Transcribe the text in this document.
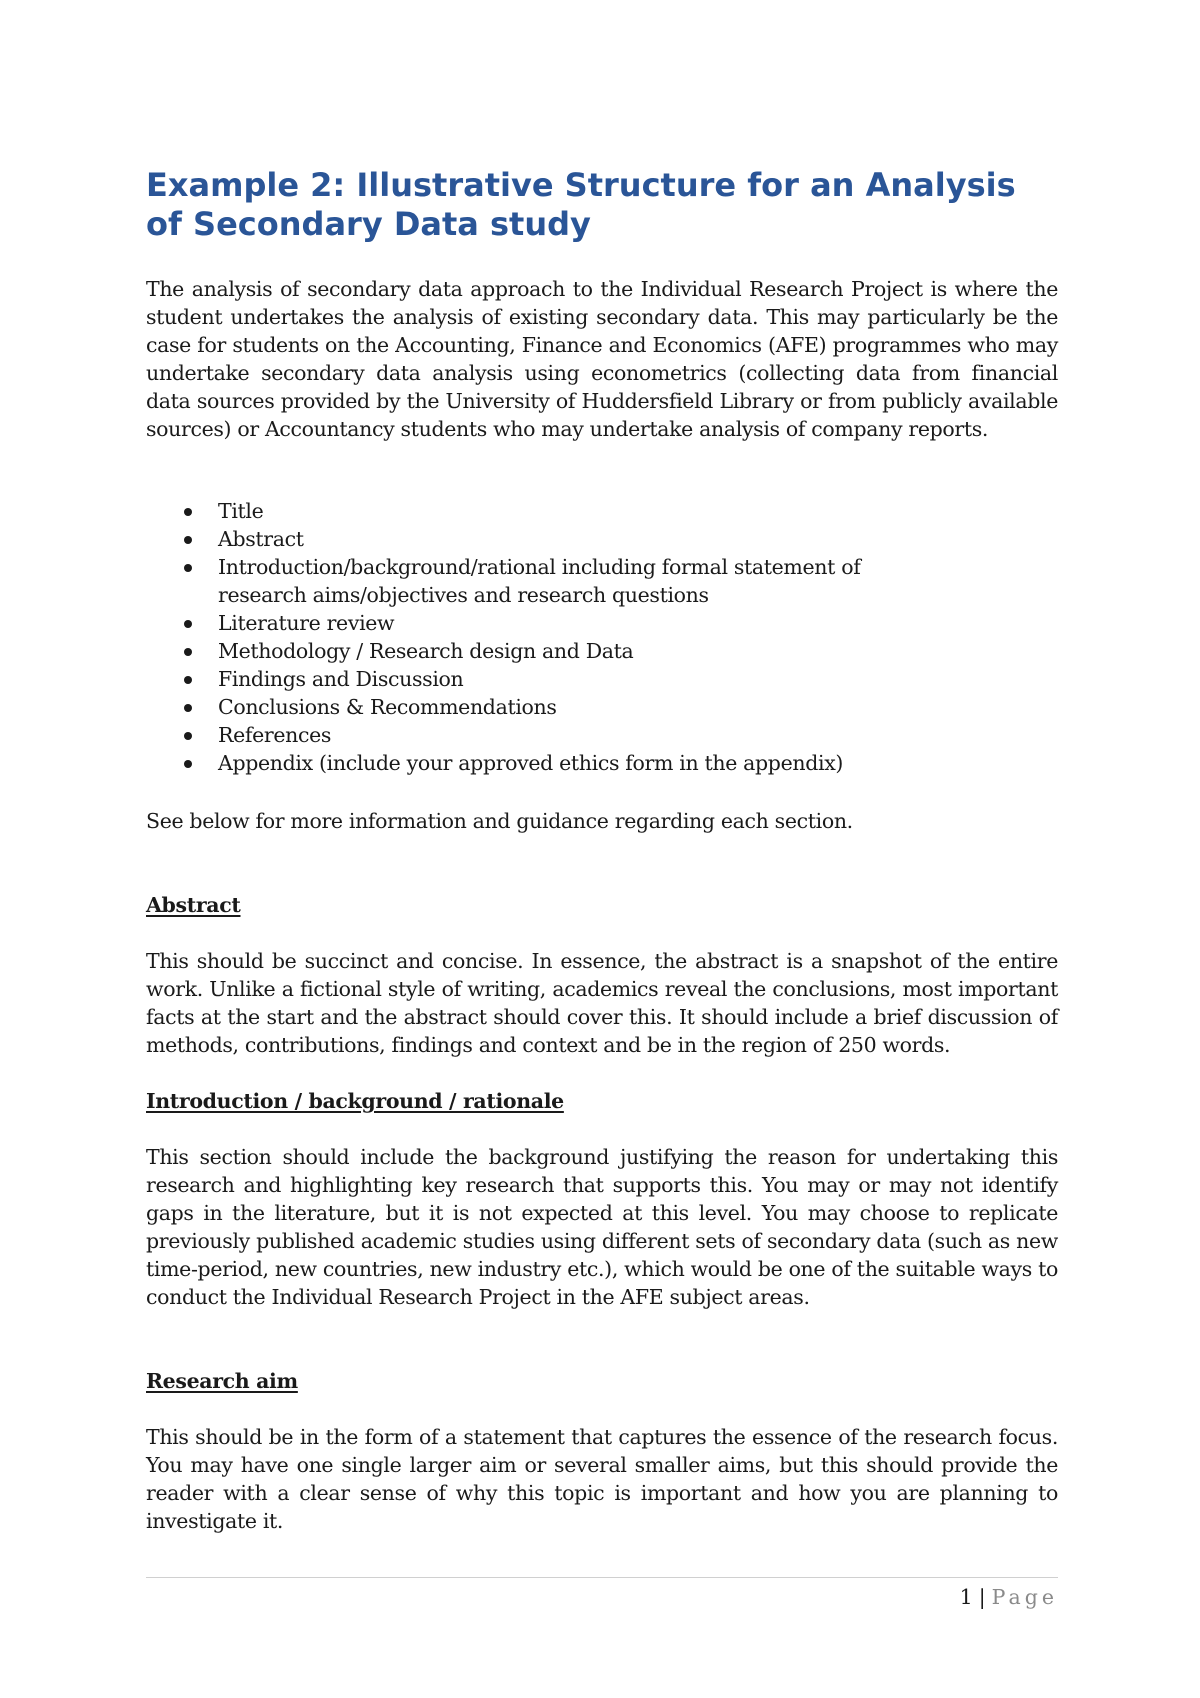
Example 2: Illustrative Structure for an Analysis of Secondary Data study

The analysis of secondary data approach to the Individual Research Project is where the student undertakes the analysis of existing secondary data. This may particularly be the case for students on the Accounting, Finance and Economics (AFE) programmes who may undertake secondary data analysis using econometrics (collecting data from financial data sources provided by the University of Huddersfield Library or from publicly available sources) or Accountancy students who may undertake analysis of company reports.

Title
Abstract
Introduction/background/rational including formal statement of research aims/objectives and research questions
Literature review
Methodology / Research design and Data
Findings and Discussion
Conclusions & Recommendations
References
Appendix (include your approved ethics form in the appendix)

See below for more information and guidance regarding each section.

Abstract

This should be succinct and concise. In essence, the abstract is a snapshot of the entire work. Unlike a fictional style of writing, academics reveal the conclusions, most important facts at the start and the abstract should cover this. It should include a brief discussion of methods, contributions, findings and context and be in the region of 250 words.

Introduction / background / rationale

This section should include the background justifying the reason for undertaking this research and highlighting key research that supports this. You may or may not identify gaps in the literature, but it is not expected at this level. You may choose to replicate previously published academic studies using different sets of secondary data (such as new time-period, new countries, new industry etc.), which would be one of the suitable ways to conduct the Individual Research Project in the AFE subject areas.

Research aim

This should be in the form of a statement that captures the essence of the research focus. You may have one single larger aim or several smaller aims, but this should provide the reader with a clear sense of why this topic is important and how you are planning to investigate it.

1 | Page
